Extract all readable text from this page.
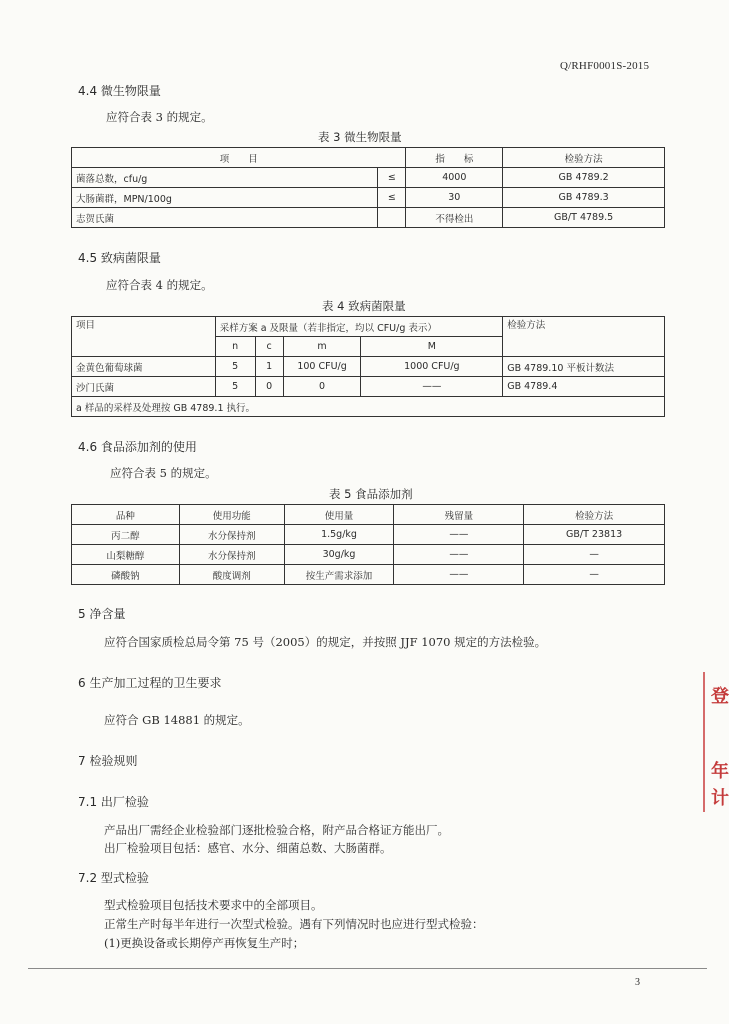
Q/RHF0001S-2015
4.4 微生物限量
应符合表 3 的规定。
表 3 微生物限量
项　　目		指　　标	检验方法
菌落总数，cfu/g	≤	4000	GB 4789.2
大肠菌群，MPN/100g	≤	30	GB 4789.3
志贺氏菌		不得检出	GB/T 4789.5
4.5 致病菌限量
应符合表 4 的规定。
表 4 致病菌限量
项目	采样方案 a 及限量（若非指定，均以 CFU/g 表示）				检验方法
	n	c	m	M	
金黄色葡萄球菌	5	1	100 CFU/g	1000 CFU/g	GB 4789.10 平板计数法
沙门氏菌	5	0	0	——	GB 4789.4
a 样品的采样及处理按 GB 4789.1 执行。					
4.6 食品添加剂的使用
应符合表 5 的规定。
表 5 食品添加剂
品种	使用功能	使用量	残留量	检验方法
丙二醇	水分保持剂	1.5g/kg	——	GB/T 23813
山梨糖醇	水分保持剂	30g/kg	——	—
磷酸钠	酸度调剂	按生产需求添加	——	—
5 净含量
应符合国家质检总局令第 75 号（2005）的规定，并按照 JJF 1070 规定的方法检验。
6 生产加工过程的卫生要求
应符合 GB 14881 的规定。
7 检验规则
7.1 出厂检验
产品出厂需经企业检验部门逐批检验合格，附产品合格证方能出厂。
出厂检验项目包括：感官、水分、细菌总数、大肠菌群。
7.2 型式检验
型式检验项目包括技术要求中的全部项目。
正常生产时每半年进行一次型式检验。遇有下列情况时也应进行型式检验：
(1)更换设备或长期停产再恢复生产时；
3
登
年
计
